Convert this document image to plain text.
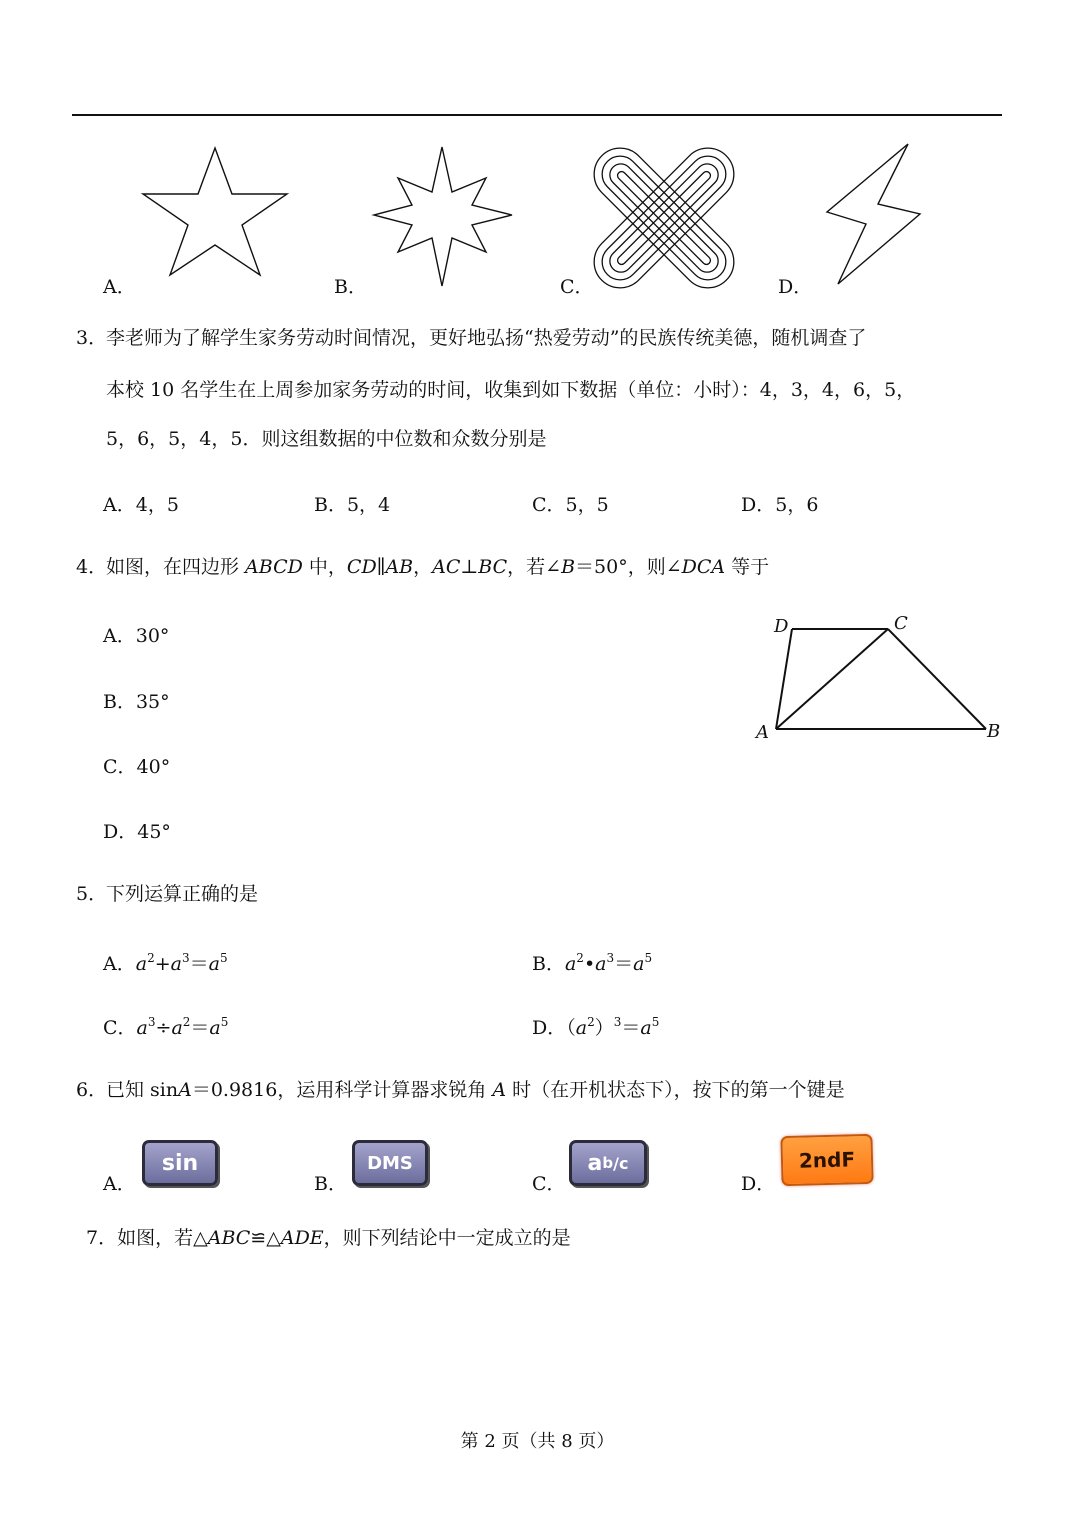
A．	B．	C．	D．
3．李老师为了解学生家务劳动时间情况，更好地弘扬“热爱劳动”的民族传统美德，随机调查了
本校 10 名学生在上周参加家务劳动的时间，收集到如下数据（单位：小时）：4，3，4，6，5，
5，6，5，4，5．则这组数据的中位数和众数分别是
A．4，5	B．5，4	C．5，5	D．5，6
4．如图，在四边形 ABCD 中，CD∥AB，AC⊥BC，若∠B＝50°，则∠DCA 等于
A．30°
B．35°
C．40°
D．45°
D	C
A	B
5．下列运算正确的是
A．$a^2+a^3=a^5$	B．$a^2•a^3=a^5$
C．$a^3\div a^2=a^5$	D．$(a^2)^3=a^5$
6．已知 sinA＝0.9816，运用科学计算器求锐角 A 时（在开机状态下），按下的第一个键是
A．
sin
B．
DMS
C．
a b /c
D．
2ndF
7．如图，若△ABC≌△ADE，则下列结论中一定成立的是
第 2 页（共 8 页）
